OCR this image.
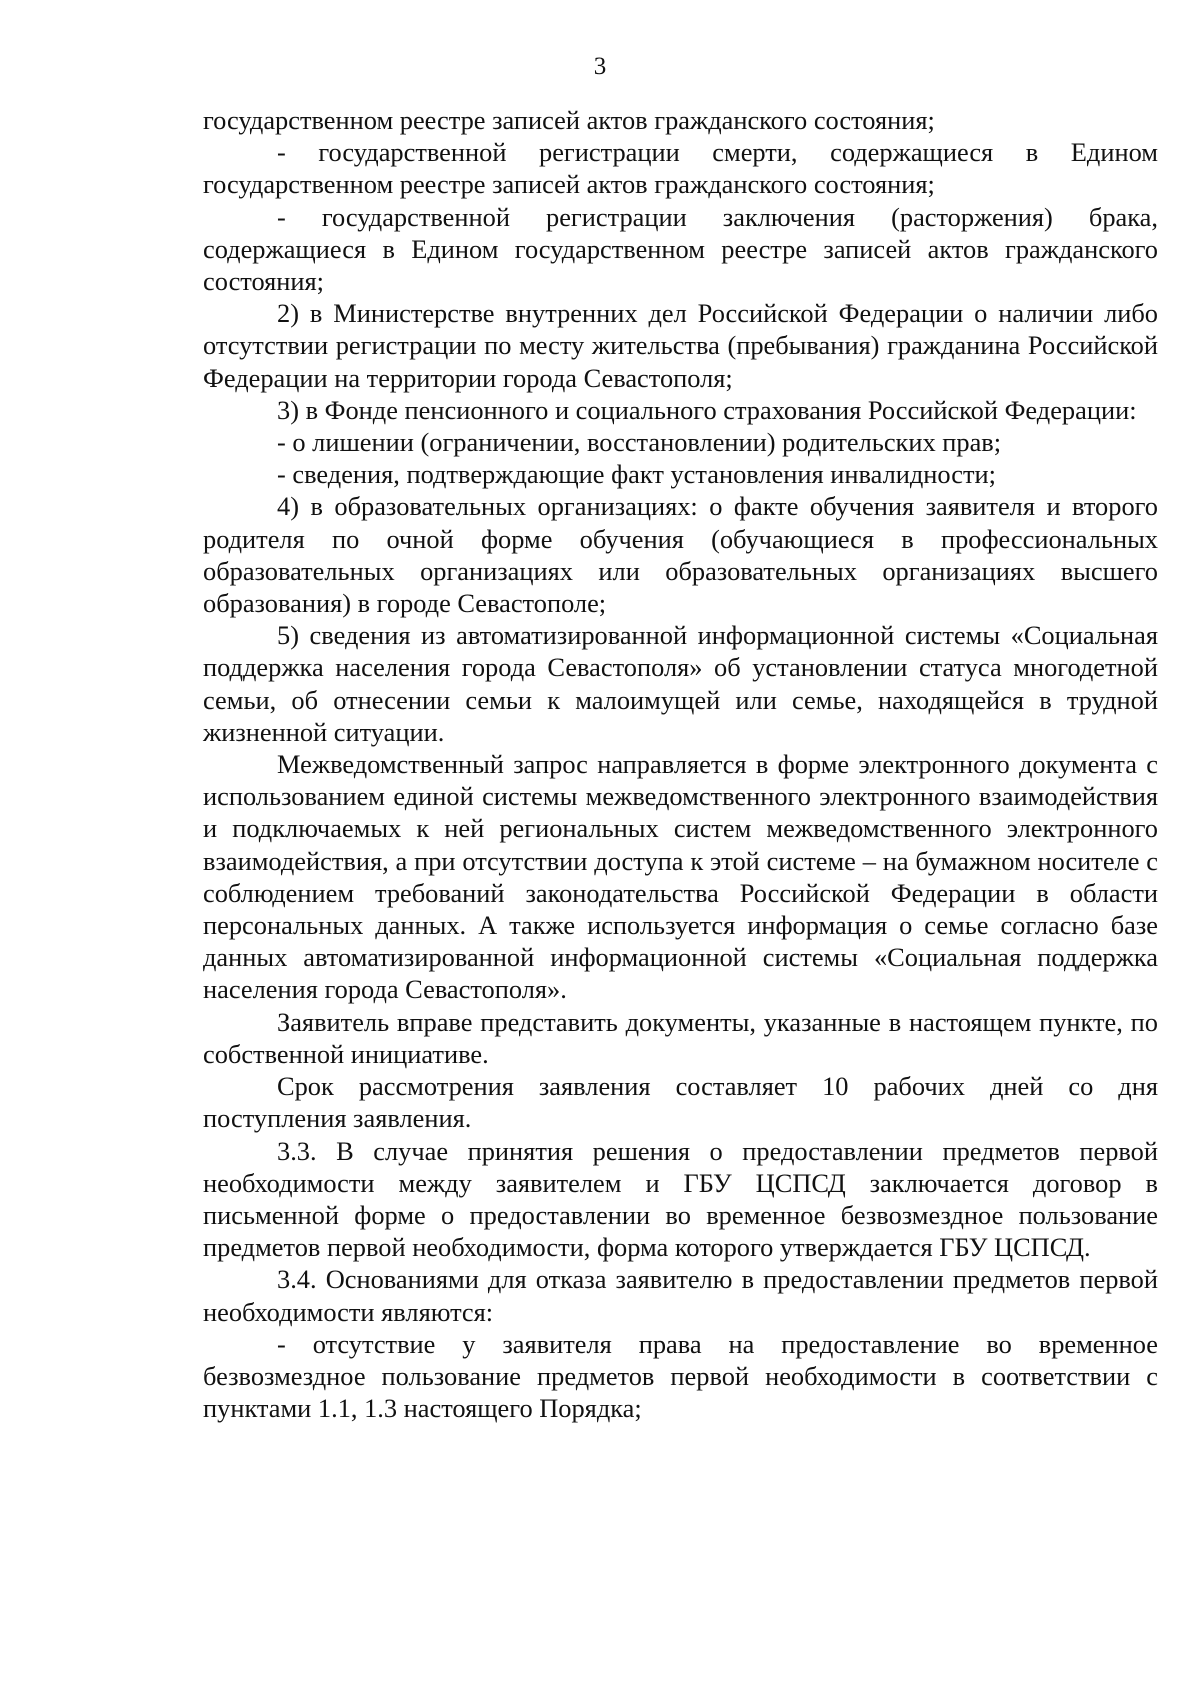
3

государственном реестре записей актов гражданского состояния;

- государственной регистрации смерти, содержащиеся в Едином государственном реестре записей актов гражданского состояния;

- государственной регистрации заключения (расторжения) брака, содержащиеся в Едином государственном реестре записей актов гражданского состояния;

2) в Министерстве внутренних дел Российской Федерации о наличии либо отсутствии регистрации по месту жительства (пребывания) гражданина Российской Федерации на территории города Севастополя;

3) в Фонде пенсионного и социального страхования Российской Федерации:

- о лишении (ограничении, восстановлении) родительских прав;

- сведения, подтверждающие факт установления инвалидности;

4) в образовательных организациях: о факте обучения заявителя и второго родителя по очной форме обучения (обучающиеся в профессиональных образовательных организациях или образовательных организациях высшего образования) в городе Севастополе;

5) сведения из автоматизированной информационной системы «Социальная поддержка населения города Севастополя» об установлении статуса многодетной семьи, об отнесении семьи к малоимущей или семье, находящейся в трудной жизненной ситуации.

Межведомственный запрос направляется в форме электронного документа с использованием единой системы межведомственного электронного взаимодействия и подключаемых к ней региональных систем межведомственного электронного взаимодействия, а при отсутствии доступа к этой системе – на бумажном носителе с соблюдением требований законодательства Российской Федерации в области персональных данных. А также используется информация о семье согласно базе данных автоматизированной информационной системы «Социальная поддержка населения города Севастополя».

Заявитель вправе представить документы, указанные в настоящем пункте, по собственной инициативе.

Срок рассмотрения заявления составляет 10 рабочих дней со дня поступления заявления.

3.3. В случае принятия решения о предоставлении предметов первой необходимости между заявителем и ГБУ ЦСПСД заключается договор в письменной форме о предоставлении во временное безвозмездное пользование предметов первой необходимости, форма которого утверждается ГБУ ЦСПСД.

3.4. Основаниями для отказа заявителю в предоставлении предметов первой необходимости являются:

- отсутствие у заявителя права на предоставление во временное безвозмездное пользование предметов первой необходимости в соответствии с пунктами 1.1, 1.3 настоящего Порядка;
